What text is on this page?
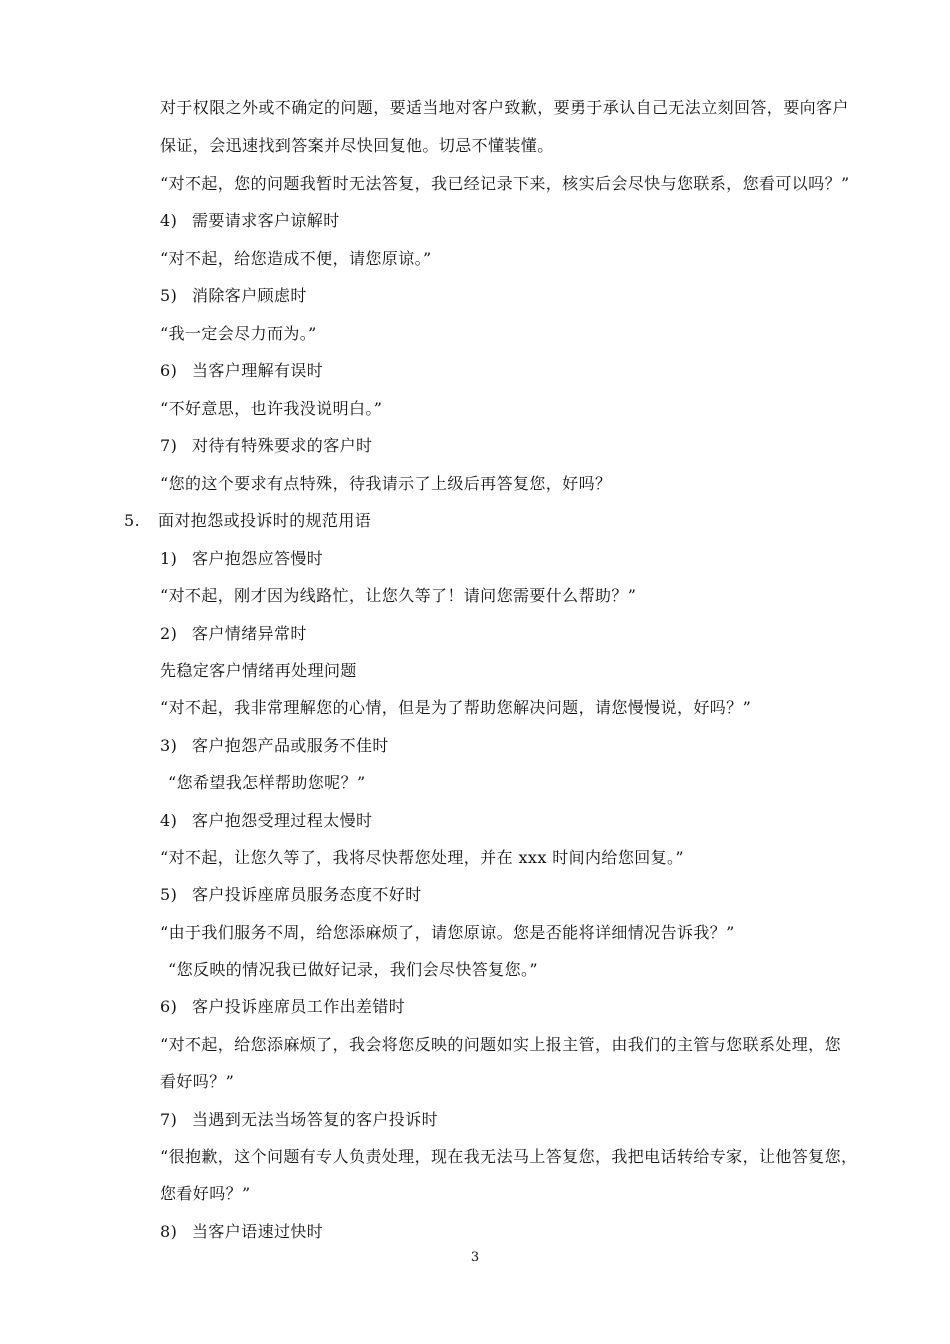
对于权限之外或不确定的问题，要适当地对客户致歉，要勇于承认自己无法立刻回答，要向客户
保证，会迅速找到答案并尽快回复他。切忌不懂装懂。
“对不起，您的问题我暂时无法答复，我已经记录下来，核实后会尽快与您联系，您看可以吗？”
4) 需要请求客户谅解时
“对不起，给您造成不便，请您原谅。”
5) 消除客户顾虑时
“我一定会尽力而为。”
6) 当客户理解有误时
“不好意思，也许我没说明白。”
7) 对待有特殊要求的客户时
“您的这个要求有点特殊，待我请示了上级后再答复您，好吗？
5. 面对抱怨或投诉时的规范用语
1) 客户抱怨应答慢时
“对不起，刚才因为线路忙，让您久等了！请问您需要什么帮助？”
2) 客户情绪异常时
先稳定客户情绪再处理问题
“对不起，我非常理解您的心情，但是为了帮助您解决问题，请您慢慢说，好吗？”
3) 客户抱怨产品或服务不佳时
“您希望我怎样帮助您呢？”
4) 客户抱怨受理过程太慢时
“对不起，让您久等了，我将尽快帮您处理，并在 xxx 时间内给您回复。”
5) 客户投诉座席员服务态度不好时
“由于我们服务不周，给您添麻烦了，请您原谅。您是否能将详细情况告诉我？”
“您反映的情况我已做好记录，我们会尽快答复您。”
6) 客户投诉座席员工作出差错时
“对不起，给您添麻烦了，我会将您反映的问题如实上报主管，由我们的主管与您联系处理，您
看好吗？”
7) 当遇到无法当场答复的客户投诉时
“很抱歉，这个问题有专人负责处理，现在我无法马上答复您，我把电话转给专家，让他答复您，
您看好吗？”
8) 当客户语速过快时
3
